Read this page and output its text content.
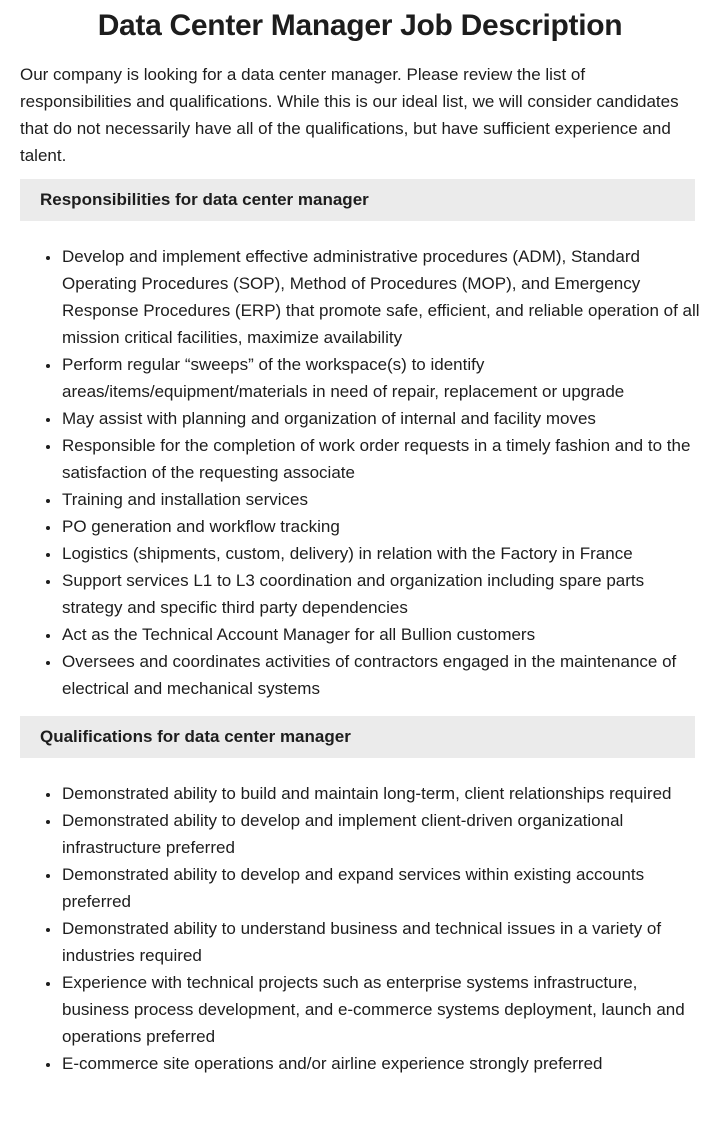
Data Center Manager Job Description

Our company is looking for a data center manager. Please review the list of responsibilities and qualifications. While this is our ideal list, we will consider candidates that do not necessarily have all of the qualifications, but have sufficient experience and talent.

Responsibilities for data center manager
• Develop and implement effective administrative procedures (ADM), Standard Operating Procedures (SOP), Method of Procedures (MOP), and Emergency Response Procedures (ERP) that promote safe, efficient, and reliable operation of all mission critical facilities, maximize availability
• Perform regular “sweeps” of the workspace(s) to identify areas/items/equipment/materials in need of repair, replacement or upgrade
• May assist with planning and organization of internal and facility moves
• Responsible for the completion of work order requests in a timely fashion and to the satisfaction of the requesting associate
• Training and installation services
• PO generation and workflow tracking
• Logistics (shipments, custom, delivery) in relation with the Factory in France
• Support services L1 to L3 coordination and organization including spare parts strategy and specific third party dependencies
• Act as the Technical Account Manager for all Bullion customers
• Oversees and coordinates activities of contractors engaged in the maintenance of electrical and mechanical systems
Qualifications for data center manager
• Demonstrated ability to build and maintain long-term, client relationships required
• Demonstrated ability to develop and implement client-driven organizational infrastructure preferred
• Demonstrated ability to develop and expand services within existing accounts preferred
• Demonstrated ability to understand business and technical issues in a variety of industries required
• Experience with technical projects such as enterprise systems infrastructure, business process development, and e-commerce systems deployment, launch and operations preferred
• E-commerce site operations and/or airline experience strongly preferred
